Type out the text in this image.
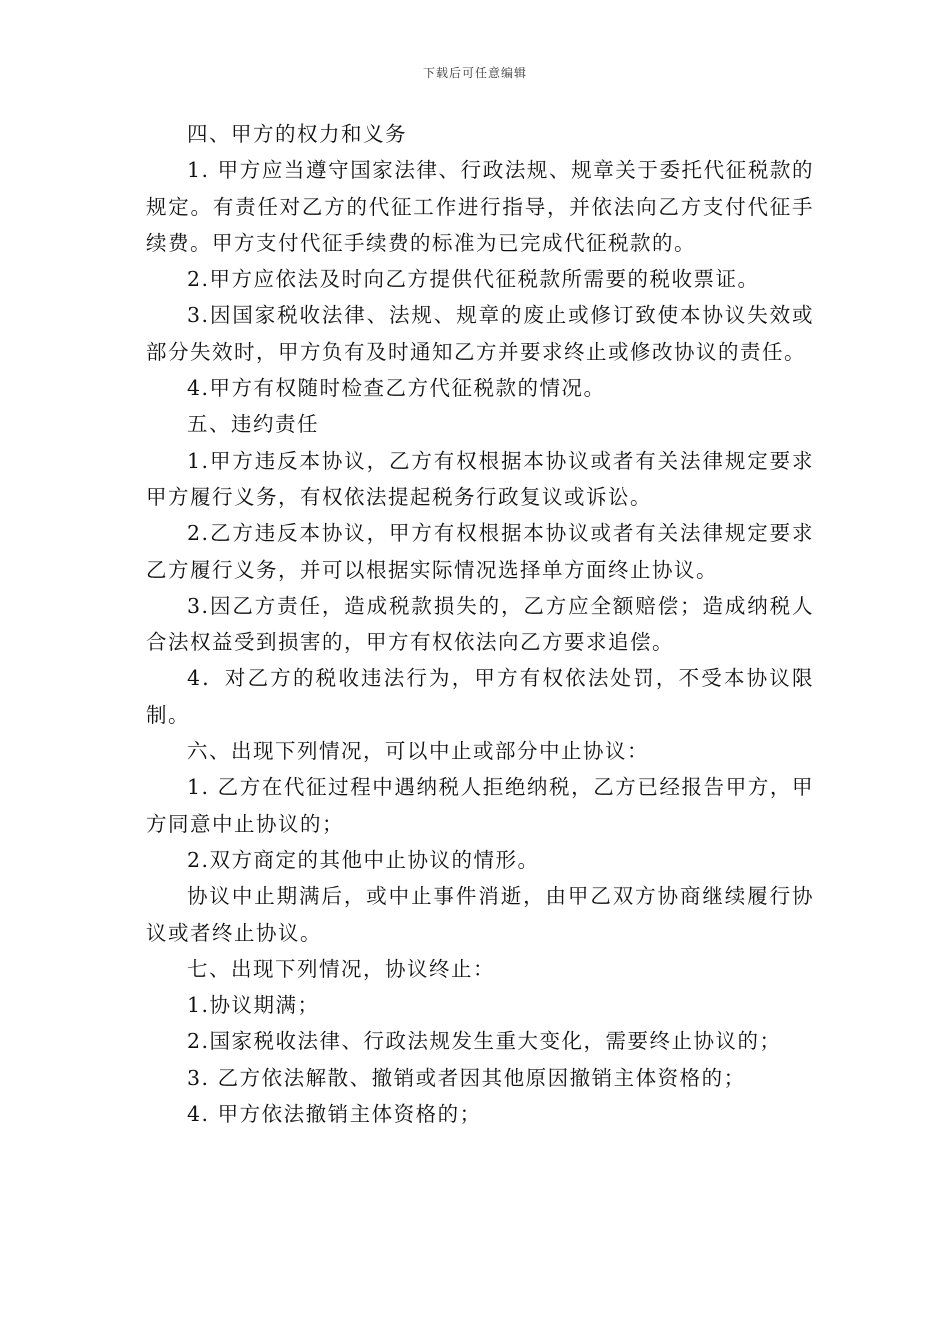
下载后可任意编辑

四、甲方的权力和义务

1. 甲方应当遵守国家法律、行政法规、规章关于委托代征税款的规定。有责任对乙方的代征工作进行指导，并依法向乙方支付代征手续费。甲方支付代征手续费的标准为已完成代征税款的。

2.甲方应依法及时向乙方提供代征税款所需要的税收票证。

3.因国家税收法律、法规、规章的废止或修订致使本协议失效或部分失效时，甲方负有及时通知乙方并要求终止或修改协议的责任。

4.甲方有权随时检查乙方代征税款的情况。

五、违约责任

1.甲方违反本协议，乙方有权根据本协议或者有关法律规定要求甲方履行义务，有权依法提起税务行政复议或诉讼。

2.乙方违反本协议，甲方有权根据本协议或者有关法律规定要求乙方履行义务，并可以根据实际情况选择单方面终止协议。

3.因乙方责任，造成税款损失的，乙方应全额赔偿；造成纳税人合法权益受到损害的，甲方有权依法向乙方要求追偿。

4．对乙方的税收违法行为，甲方有权依法处罚，不受本协议限制。

六、出现下列情况，可以中止或部分中止协议：

1. 乙方在代征过程中遇纳税人拒绝纳税，乙方已经报告甲方，甲方同意中止协议的；

2.双方商定的其他中止协议的情形。

协议中止期满后，或中止事件消逝，由甲乙双方协商继续履行协议或者终止协议。

七、出现下列情况，协议终止：

1.协议期满；

2.国家税收法律、行政法规发生重大变化，需要终止协议的；

3. 乙方依法解散、撤销或者因其他原因撤销主体资格的；

4. 甲方依法撤销主体资格的；
